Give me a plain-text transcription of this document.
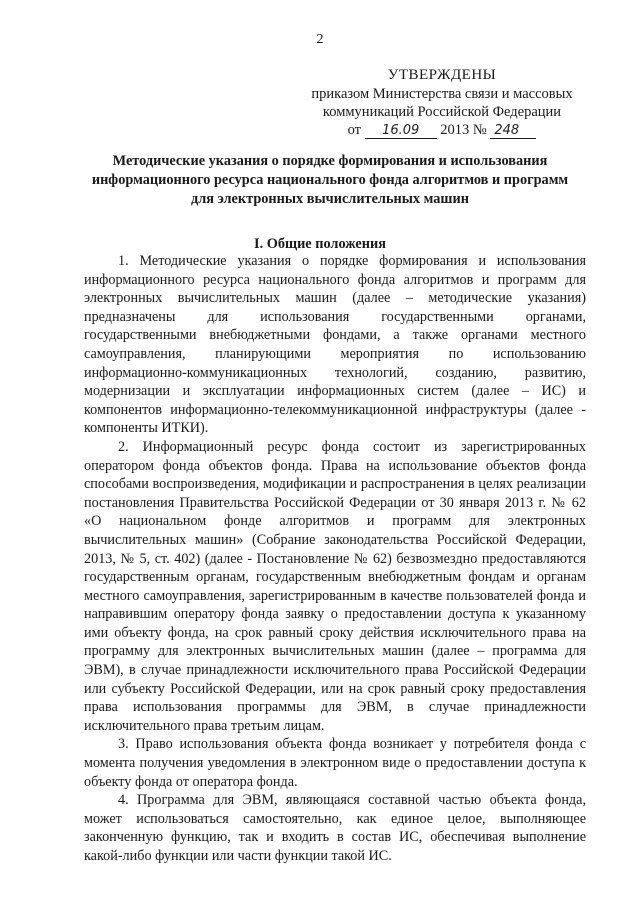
2
УТВЕРЖДЕНЫ
приказом Министерства связи и массовых
коммуникаций Российской Федерации
от 16.09 2013 № 248
Методические указания о порядке формирования и использования информационного ресурса национального фонда алгоритмов и программ для электронных вычислительных машин
I. Общие положения

1. Методические указания о порядке формирования и использования информационного ресурса национального фонда алгоритмов и программ для электронных вычислительных машин (далее – методические указания) предназначены для использования государственными органами, государственными внебюджетными фондами, а также органами местного самоуправления, планирующими мероприятия по использованию информационно-коммуникационных технологий, созданию, развитию, модернизации и эксплуатации информационных систем (далее – ИС) и компонентов информационно-телекоммуникационной инфраструктуры (далее - компоненты ИТКИ).

2. Информационный ресурс фонда состоит из зарегистрированных оператором фонда объектов фонда. Права на использование объектов фонда способами воспроизведения, модификации и распространения в целях реализации постановления Правительства Российской Федерации от 30 января 2013 г. № 62 «О национальном фонде алгоритмов и программ для электронных вычислительных машин» (Собрание законодательства Российской Федерации, 2013, № 5, ст. 402) (далее - Постановление № 62) безвозмездно предоставляются государственным органам, государственным внебюджетным фондам и органам местного самоуправления, зарегистрированным в качестве пользователей фонда и направившим оператору фонда заявку о предоставлении доступа к указанному ими объекту фонда, на срок равный сроку действия исключительного права на программу для электронных вычислительных машин (далее – программа для ЭВМ), в случае принадлежности исключительного права Российской Федерации или субъекту Российской Федерации, или на срок равный сроку предоставления права использования программы для ЭВМ, в случае принадлежности исключительного права третьим лицам.

3. Право использования объекта фонда возникает у потребителя фонда с момента получения уведомления в электронном виде о предоставлении доступа к объекту фонда от оператора фонда.

4. Программа для ЭВМ, являющаяся составной частью объекта фонда, может использоваться самостоятельно, как единое целое, выполняющее законченную функцию, так и входить в состав ИС, обеспечивая выполнение какой-либо функции или части функции такой ИС.
